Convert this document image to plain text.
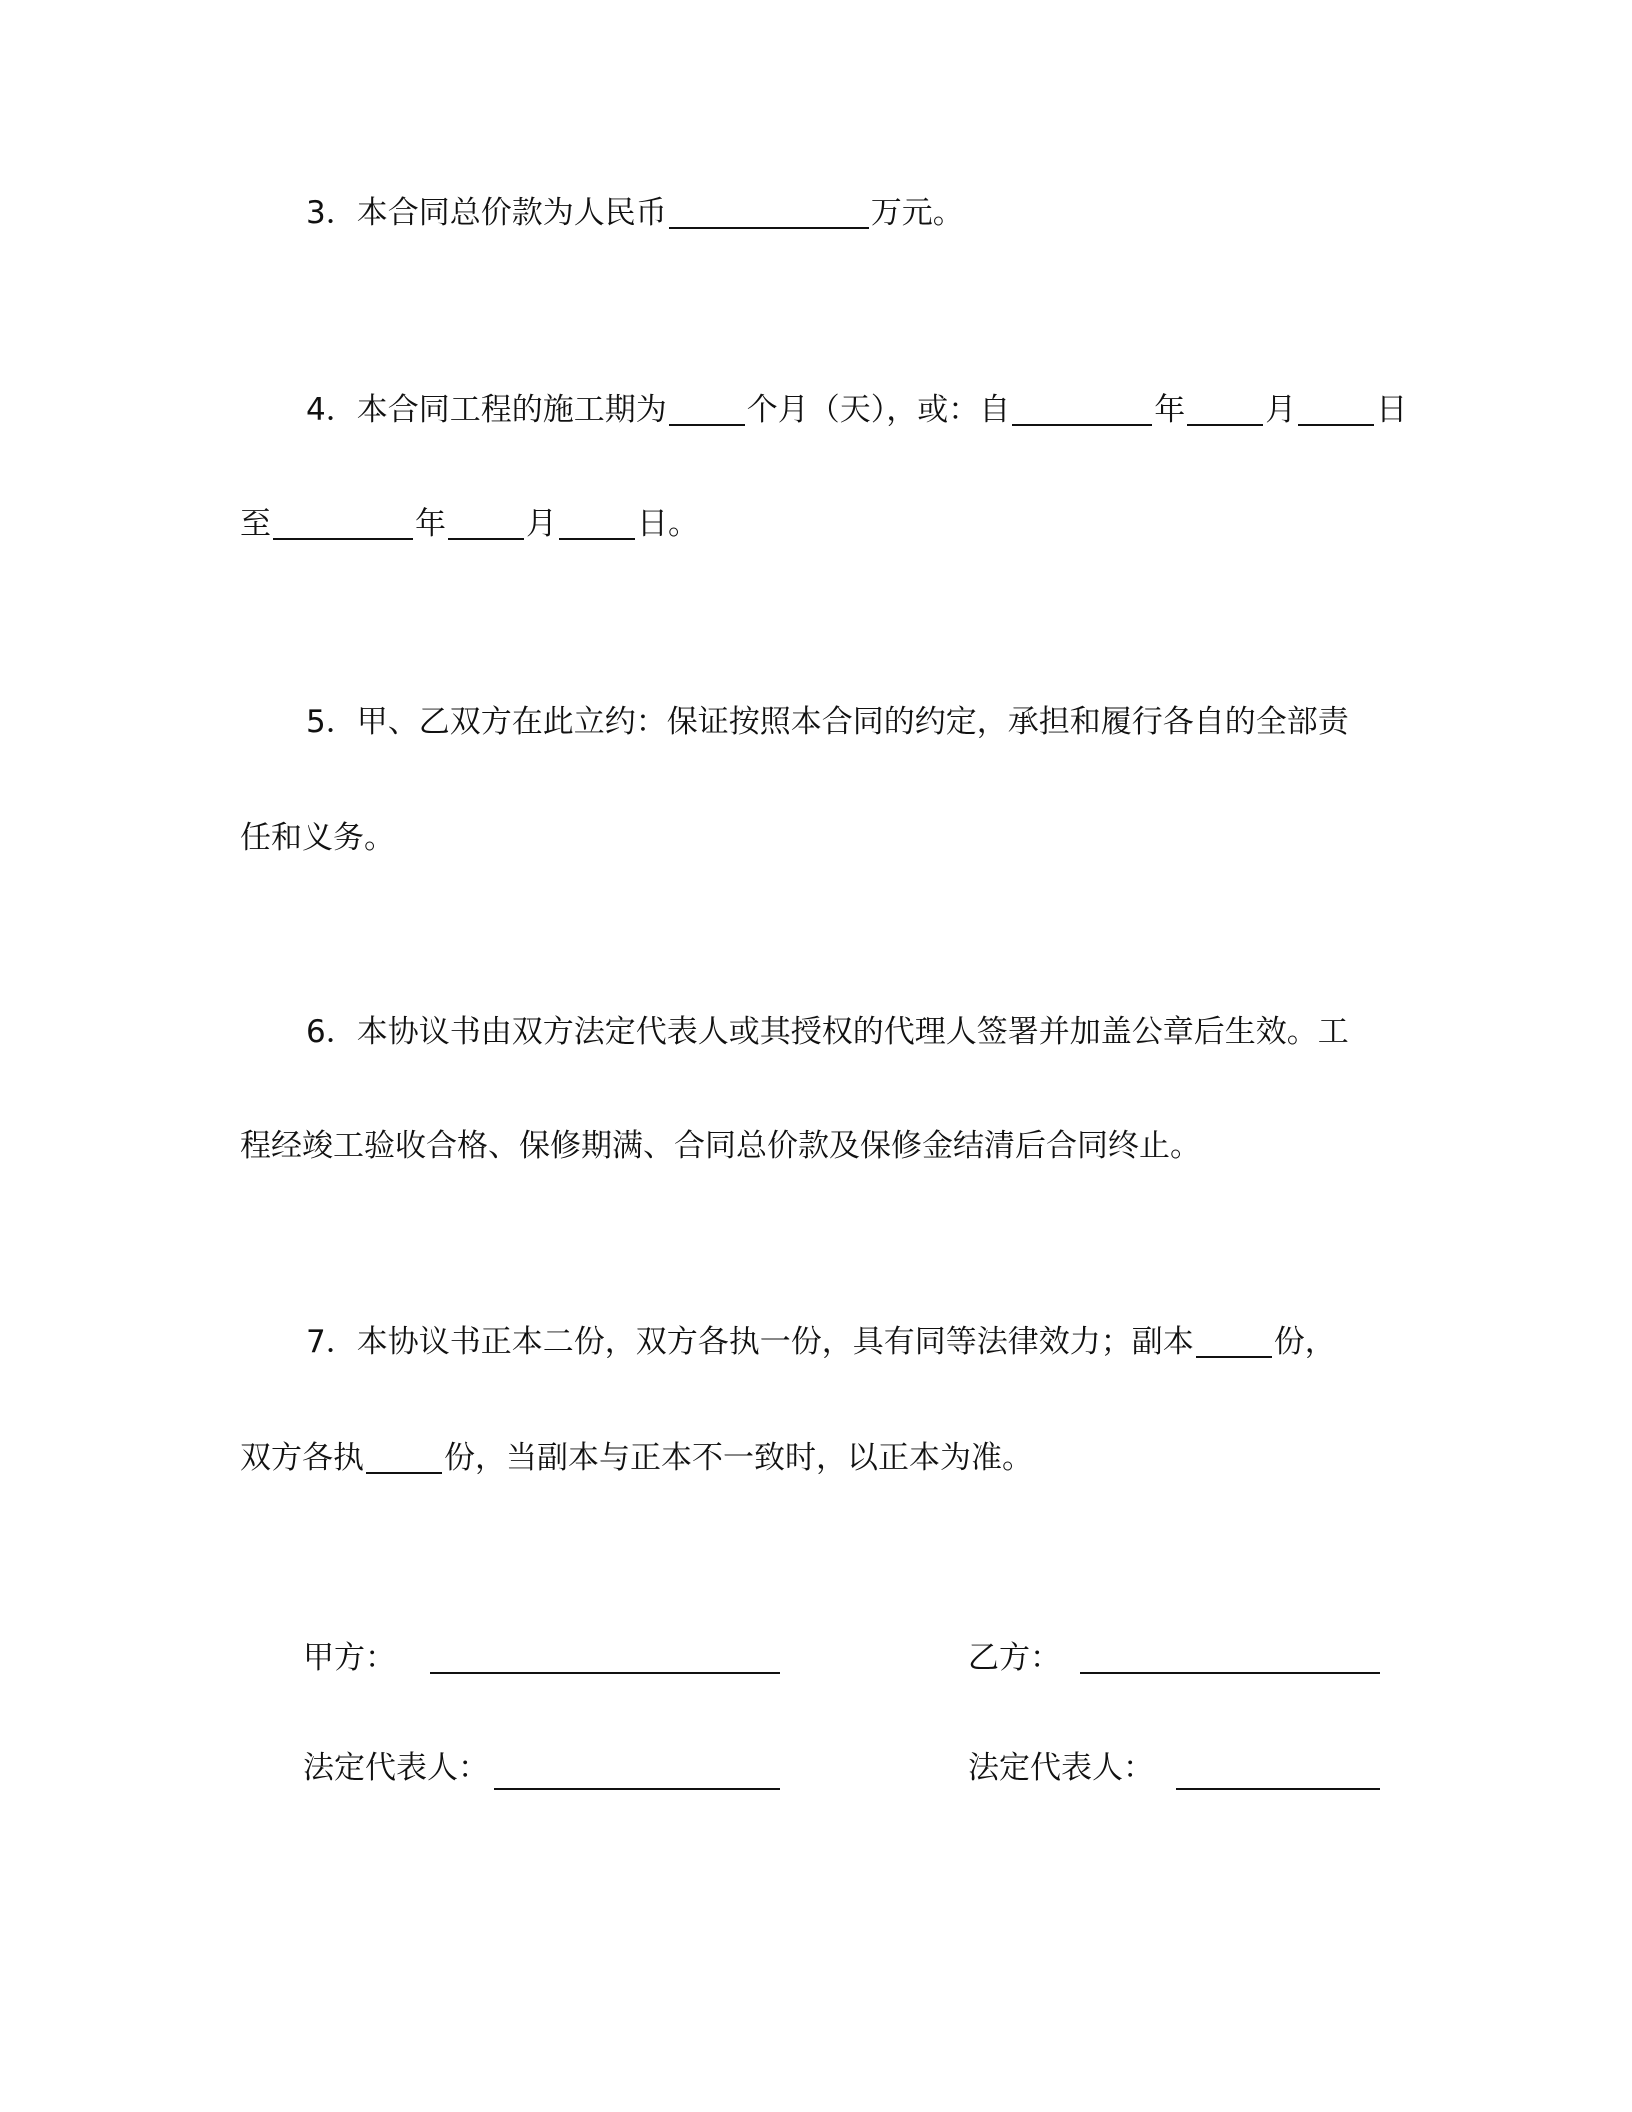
3．本合同总价款为人民币	万元。
4．本合同工程的施工期为	个月（天），或：自	年	月	日
至	年	月	日。
5．甲、乙双方在此立约：保证按照本合同的约定，承担和履行各自的全部责
任和义务。
6．本协议书由双方法定代表人或其授权的代理人签署并加盖公章后生效。工
程经竣工验收合格、保修期满、合同总价款及保修金结清后合同终止。
7．本协议书正本二份，双方各执一份，具有同等法律效力；副本	份，
双方各执	份，当副本与正本不一致时，以正本为准。
甲方：	乙方：
法定代表人：	法定代表人：
